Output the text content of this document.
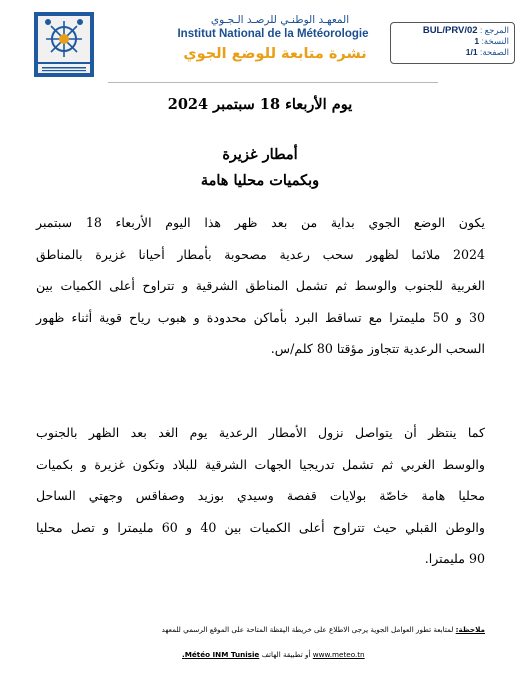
المعهـد الوطنـي للرصـد الـجـوي
Institut National de la Météorologie
نشرة متابعة للوضع الجوي
المرجع : BUL/PRV/02
النسخة: 1
الصفحة: 1/1
يوم الأربعاء 18 سبتمبر 2024
أمطار غزيرة
وبكميات محليا هامة
يكون الوضع الجوي بداية من بعد ظهر هذا اليوم الأربعاء 18 سبتمبر
2024 ملائما لظهور سحب رعدية مصحوبة بأمطار أحيانا غزيرة بالمناطق
الغربية للجنوب والوسط ثم تشمل المناطق الشرقية و تتراوح أعلى الكميات بين
30 و 50 مليمترا مع تساقط البرد بأماكن محدودة و هبوب رياح قوية أثناء ظهور
السحب الرعدية تتجاوز مؤقتا 80 كلم/س.
كما ينتظر أن يتواصل نزول الأمطار الرعدية يوم الغد بعد الظهر بالجنوب
والوسط الغربي ثم تشمل تدريجيا الجهات الشرقية للبلاد وتكون غزيرة و بكميات
محليا هامة خاصّة بولايات قفصة وسيدي بوزيد وصفاقس وجهتي الساحل
والوطن القبلي حيث تتراوح أعلى الكميات بين 40 و 60 مليمترا و تصل محليا
90 مليمترا.
ملاحظة: لمتابعة تطور العوامل الجوية يرجى الاطلاع على خريطة اليقظة المتاحة على الموقع الرسمي للمعهد
www.meteo.tn أو تطبيقة الهاتف Météo INM Tunisie.
